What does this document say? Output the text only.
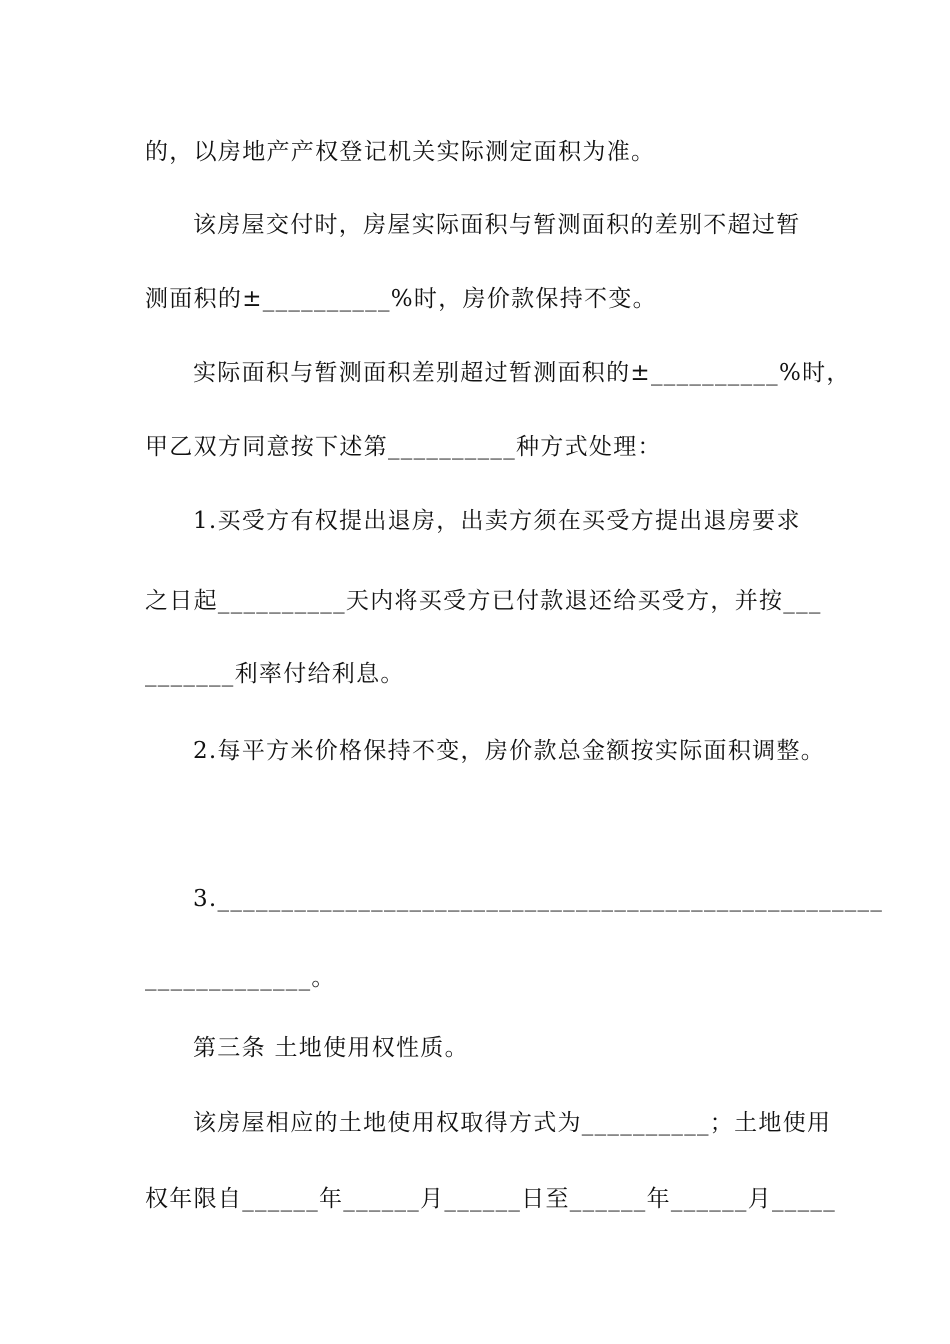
的，以房地产产权登记机关实际测定面积为准。
该房屋交付时，房屋实际面积与暂测面积的差别不超过暂
测面积的±__________%时，房价款保持不变。
实际面积与暂测面积差别超过暂测面积的±__________%时，
甲乙双方同意按下述第__________种方式处理：
1.买受方有权提出退房，出卖方须在买受方提出退房要求
之日起__________天内将买受方已付款退还给买受方，并按___
_______利率付给利息。
2.每平方米价格保持不变，房价款总金额按实际面积调整。
3.____________________________________________________
_____________。
第三条 土地使用权性质。
该房屋相应的土地使用权取得方式为__________；土地使用
权年限自______年______月______日至______年______月_____
